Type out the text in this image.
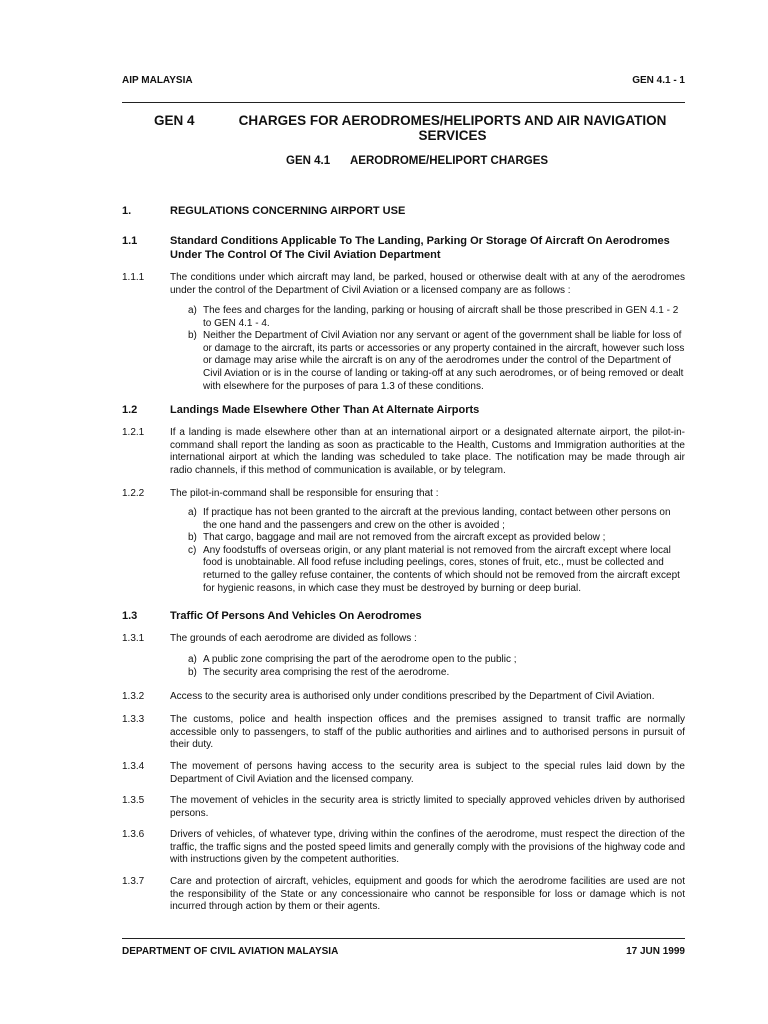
AIP MALAYSIA	GEN 4.1 - 1
GEN 4	CHARGES FOR AERODROMES/HELIPORTS AND AIR NAVIGATION SERVICES
GEN 4.1 AERODROME/HELIPORT CHARGES
1.	REGULATIONS CONCERNING AIRPORT USE
1.1	Standard Conditions Applicable To The Landing, Parking Or Storage Of Aircraft On Aerodromes Under The Control Of The Civil Aviation Department
1.1.1	The conditions under which aircraft may land, be parked, housed or otherwise dealt with at any of the aerodromes under the control of the Department of Civil Aviation or a licensed company are as follows :
a) The fees and charges for the landing, parking or housing of aircraft shall be those prescribed in GEN 4.1 - 2 to GEN 4.1 - 4.
b) Neither the Department of Civil Aviation nor any servant or agent of the government shall be liable for loss of or damage to the aircraft, its parts or accessories or any property contained in the aircraft, however such loss or damage may arise while the aircraft is on any of the aerodromes under the control of the Department of Civil Aviation or is in the course of landing or taking-off at any such aerodromes, or of being removed or dealt with elsewhere for the purposes of para 1.3 of these conditions.
1.2	Landings Made Elsewhere Other Than At Alternate Airports
1.2.1	If a landing is made elsewhere other than at an international airport or a designated alternate airport, the pilot-in-command shall report the landing as soon as practicable to the Health, Customs and Immigration authorities at the international airport at which the landing was scheduled to take place. The notification may be made through air radio channels, if this method of communication is available, or by telegram.
1.2.2	The pilot-in-command shall be responsible for ensuring that :
a) If practique has not been granted to the aircraft at the previous landing, contact between other persons on the one hand and the passengers and crew on the other is avoided ;
b) That cargo, baggage and mail are not removed from the aircraft except as provided below ;
c) Any foodstuffs of overseas origin, or any plant material is not removed from the aircraft except where local food is unobtainable. All food refuse including peelings, cores, stones of fruit, etc., must be collected and returned to the galley refuse container, the contents of which should not be removed from the aircraft except for hygienic reasons, in which case they must be destroyed by burning or deep burial.
1.3	Traffic Of Persons And Vehicles On Aerodromes
1.3.1	The grounds of each aerodrome are divided as follows :
a) A public zone comprising the part of the aerodrome open to the public ;
b) The security area comprising the rest of the aerodrome.
1.3.2	Access to the security area is authorised only under conditions prescribed by the Department of Civil Aviation.
1.3.3	The customs, police and health inspection offices and the premises assigned to transit traffic are normally accessible only to passengers, to staff of the public authorities and airlines and to authorised persons in pursuit of their duty.
1.3.4	The movement of persons having access to the security area is subject to the special rules laid down by the Department of Civil Aviation and the licensed company.
1.3.5	The movement of vehicles in the security area is strictly limited to specially approved vehicles driven by authorised persons.
1.3.6	Drivers of vehicles, of whatever type, driving within the confines of the aerodrome, must respect the direction of the traffic, the traffic signs and the posted speed limits and generally comply with the provisions of the highway code and with instructions given by the competent authorities.
1.3.7	Care and protection of aircraft, vehicles, equipment and goods for which the aerodrome facilities are used are not the responsibility of the State or any concessionaire who cannot be responsible for loss or damage which is not incurred through action by them or their agents.
DEPARTMENT OF CIVIL AVIATION MALAYSIA	17 JUN 1999
